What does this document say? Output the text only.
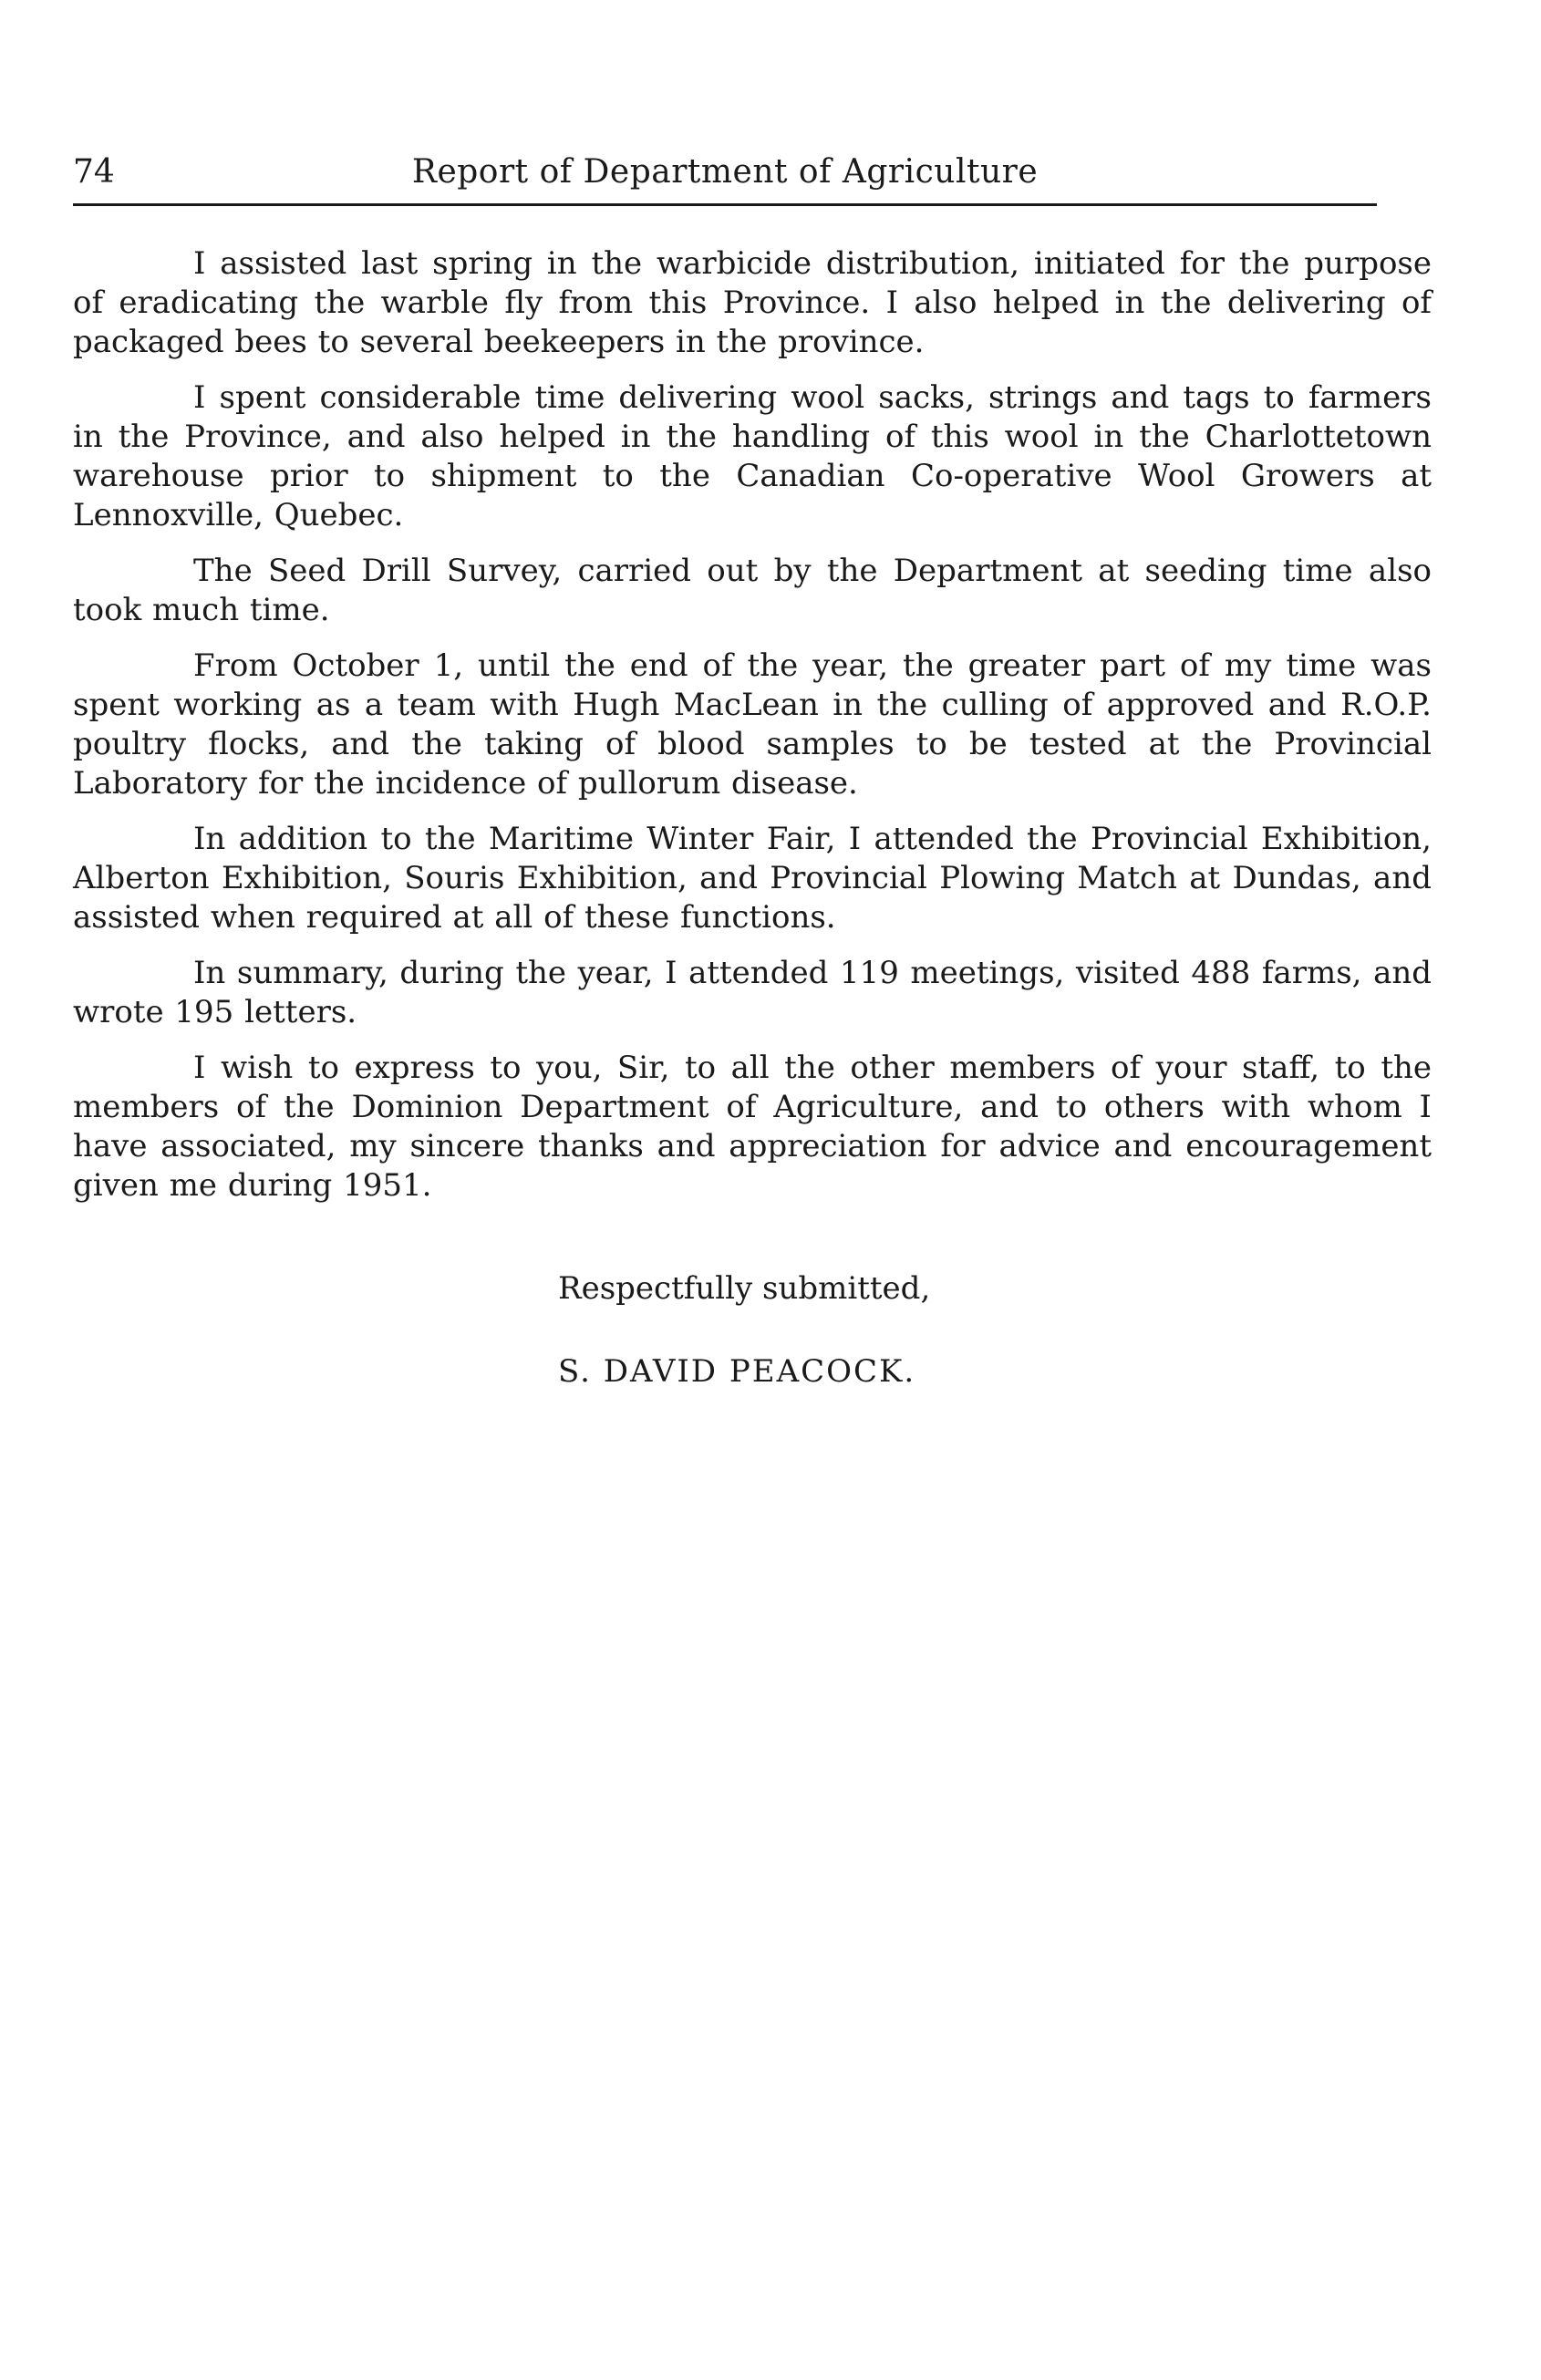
74	Report of Department of Agriculture

I assisted last spring in the warbicide distribution, initiated for the purpose of eradicating the warble fly from this Province. I also helped in the delivering of packaged bees to several beekeepers in the province.

I spent considerable time delivering wool sacks, strings and tags to farmers in the Province, and also helped in the handling of this wool in the Charlottetown warehouse prior to shipment to the Canadian Co-operative Wool Growers at Lennoxville, Quebec.

The Seed Drill Survey, carried out by the Department at seeding time also took much time.

From October 1, until the end of the year, the greater part of my time was spent working as a team with Hugh MacLean in the culling of approved and R.O.P. poultry flocks, and the taking of blood samples to be tested at the Provincial Laboratory for the incidence of pullorum disease.

In addition to the Maritime Winter Fair, I attended the Provincial Exhibition, Alberton Exhibition, Souris Exhibition, and Provincial Plowing Match at Dundas, and assisted when required at all of these functions.

In summary, during the year, I attended 119 meetings, visited 488 farms, and wrote 195 letters.

I wish to express to you, Sir, to all the other members of your staff, to the members of the Dominion Department of Agriculture, and to others with whom I have associated, my sincere thanks and appreciation for advice and encouragement given me during 1951.

Respectfully submitted,
S. DAVID PEACOCK.
